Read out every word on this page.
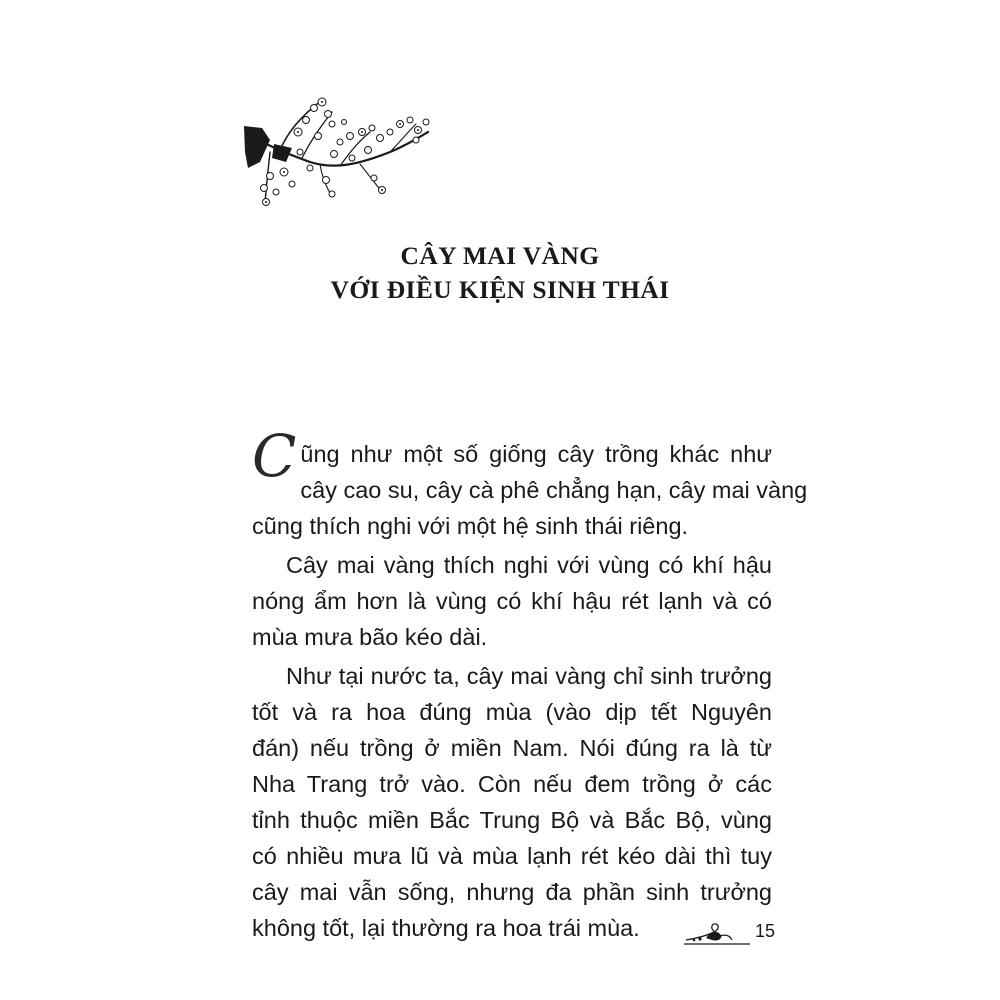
CÂY MAI VÀNG
VỚI ĐIỀU KIỆN SINH THÁI
Cũng như một số giống cây trồng khác như
cây cao su, cây cà phê chẳng hạn, cây mai vàng
cũng thích nghi với một hệ sinh thái riêng.
Cây mai vàng thích nghi với vùng có khí hậu
nóng ẩm hơn là vùng có khí hậu rét lạnh và có
mùa mưa bão kéo dài.
Như tại nước ta, cây mai vàng chỉ sinh trưởng
tốt và ra hoa đúng mùa (vào dịp tết Nguyên
đán) nếu trồng ở miền Nam. Nói đúng ra là từ
Nha Trang trở vào. Còn nếu đem trồng ở các
tỉnh thuộc miền Bắc Trung Bộ và Bắc Bộ, vùng
có nhiều mưa lũ và mùa lạnh rét kéo dài thì tuy
cây mai vẫn sống, nhưng đa phần sinh trưởng
không tốt, lại thường ra hoa trái mùa.	15
